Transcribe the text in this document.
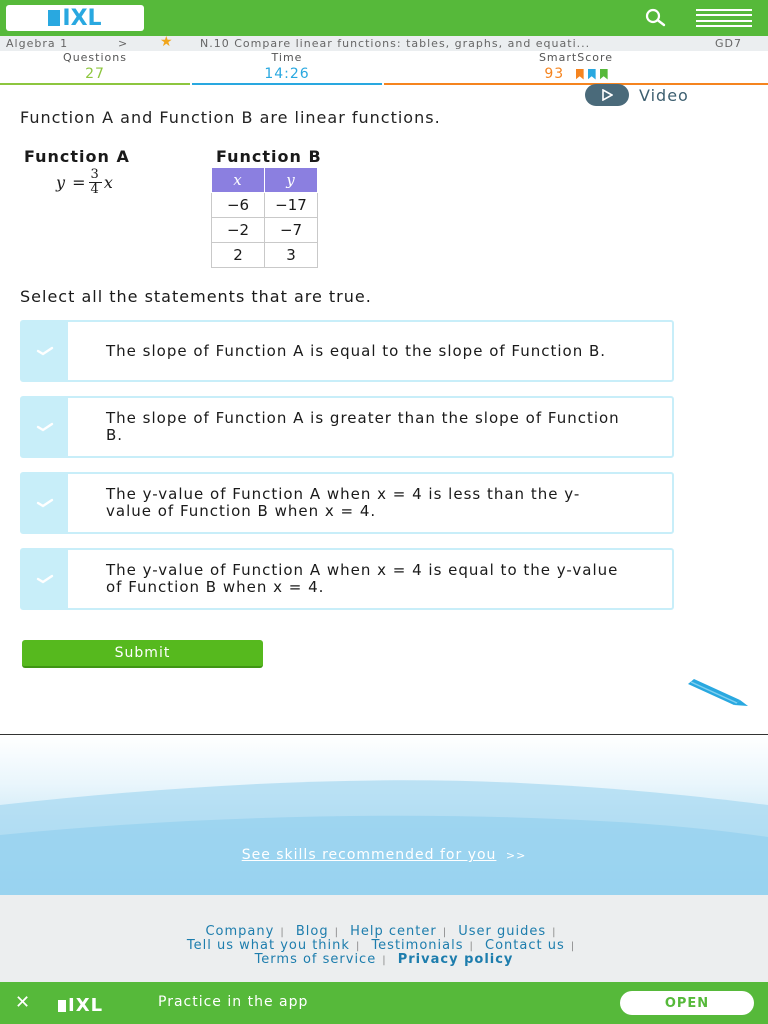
IXL
Algebra 1	> ★ N.10 Compare linear functions: tables, graphs, and equati...	GD7
Questions
27
Time
14:26
SmartScore
93
Video
Function A and Function B are linear functions.
Function A	Function B
$y = \frac{3}{4}$ x	x	y
−6	−17
−2	−7
2	3
Select all the statements that are true.
The slope of Function A is equal to the slope of Function B.
The slope of Function A is greater than the slope of Function B.
The y-value of Function A when x = 4 is less than the y-value of Function B when x = 4.
The y-value of Function A when x = 4 is equal to the y-value of Function B when x = 4.
Submit
See skills recommended for you >>
Company | Blog | Help center | User guides |
Tell us what you think | Testimonials | Contact us |
Terms of service | Privacy policy
✕ IXL	Practice in the app	OPEN
